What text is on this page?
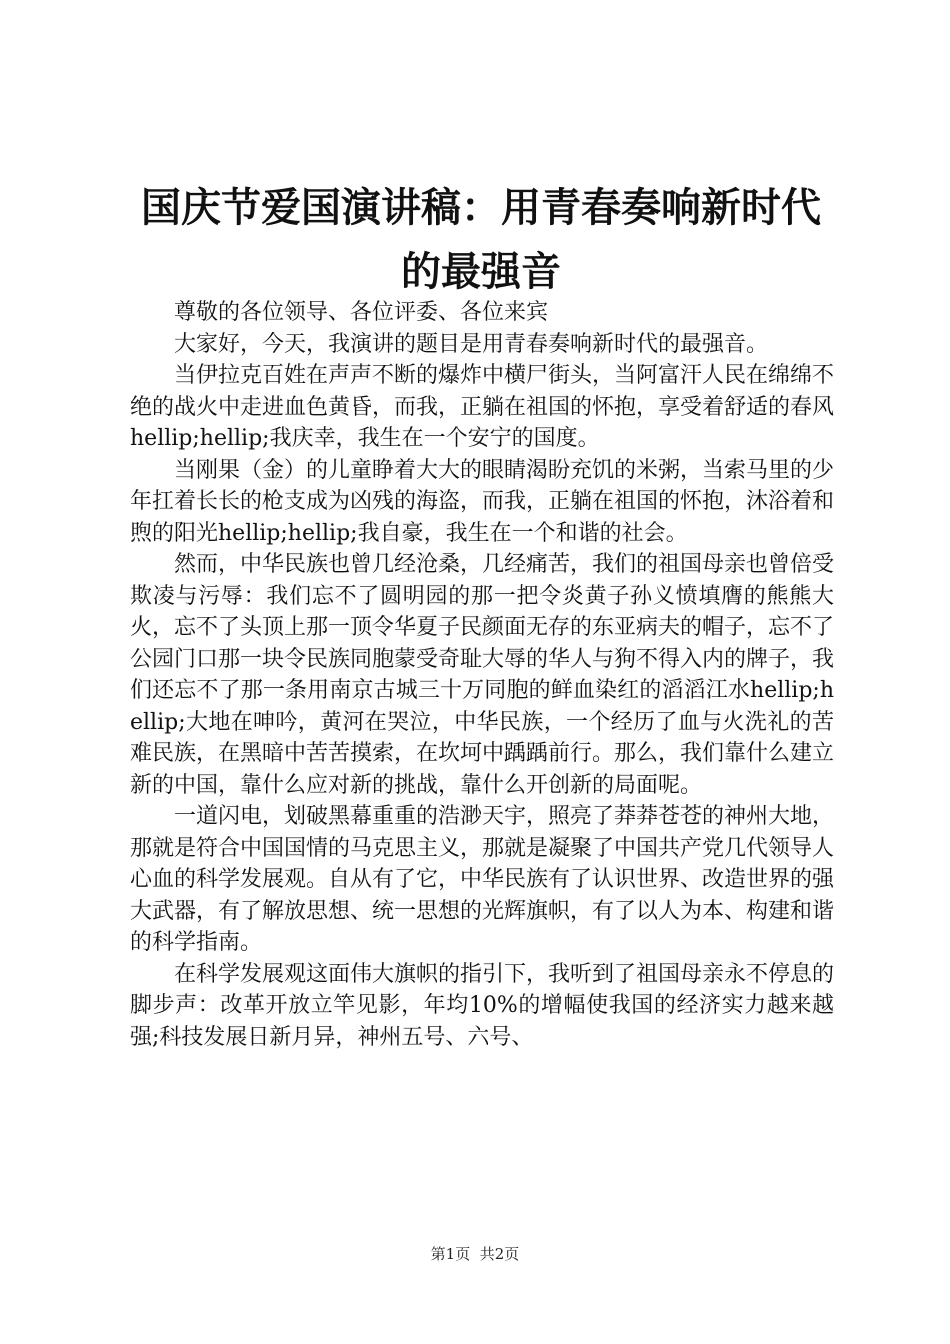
国庆节爱国演讲稿：用青春奏响新时代的最强音

尊敬的各位领导、各位评委、各位来宾

大家好，今天，我演讲的题目是用青春奏响新时代的最强音。

当伊拉克百姓在声声不断的爆炸中横尸街头，当阿富汗人民在绵绵不绝的战火中走进血色黄昏，而我，正躺在祖国的怀抱，享受着舒适的春风hellip;hellip;我庆幸，我生在一个安宁的国度。

当刚果（金）的儿童睁着大大的眼睛渴盼充饥的米粥，当索马里的少年扛着长长的枪支成为凶残的海盗，而我，正躺在祖国的怀抱，沐浴着和煦的阳光hellip;hellip;我自豪，我生在一个和谐的社会。

然而，中华民族也曾几经沧桑，几经痛苦，我们的祖国母亲也曾倍受欺凌与污辱：我们忘不了圆明园的那一把令炎黄子孙义愤填膺的熊熊大火，忘不了头顶上那一顶令华夏子民颜面无存的东亚病夫的帽子，忘不了公园门口那一块令民族同胞蒙受奇耻大辱的华人与狗不得入内的牌子，我们还忘不了那一条用南京古城三十万同胞的鲜血染红的滔滔江水hellip;hellip;大地在呻吟，黄河在哭泣，中华民族，一个经历了血与火洗礼的苦难民族，在黑暗中苦苦摸索，在坎坷中踽踽前行。那么，我们靠什么建立新的中国，靠什么应对新的挑战，靠什么开创新的局面呢。

一道闪电，划破黑幕重重的浩渺天宇，照亮了莽莽苍苍的神州大地，那就是符合中国国情的马克思主义，那就是凝聚了中国共产党几代领导人心血的科学发展观。自从有了它，中华民族有了认识世界、改造世界的强大武器，有了解放思想、统一思想的光辉旗帜，有了以人为本、构建和谐的科学指南。

在科学发展观这面伟大旗帜的指引下，我听到了祖国母亲永不停息的脚步声：改革开放立竿见影，年均10%的增幅使我国的经济实力越来越强;科技发展日新月异，神州五号、六号、

第1页 共2页
